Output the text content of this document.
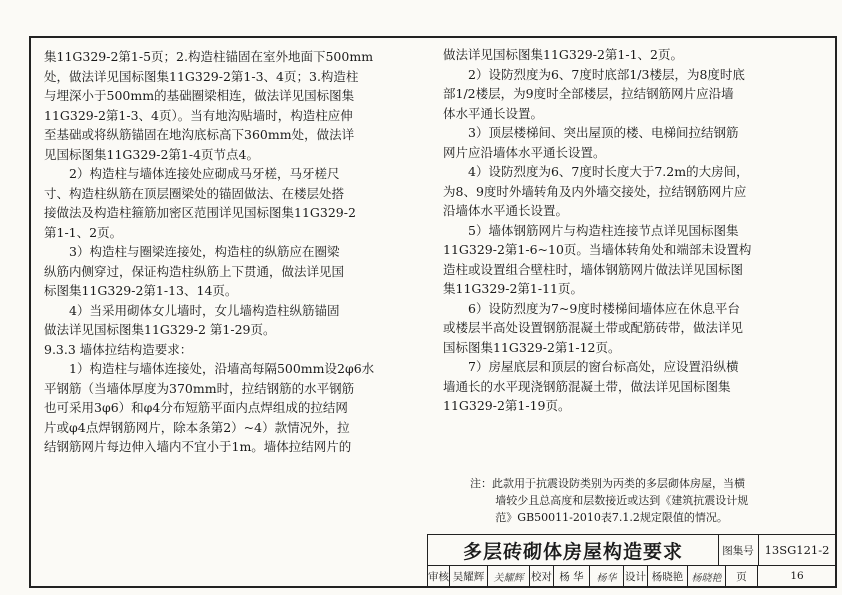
集11G329-2第1-5页；2.构造柱锚固在室外地面下500mm
处，做法详见国标图集11G329-2第1-3、4页；3.构造柱
与埋深小于500mm的基础圈梁相连，做法详见国标图集
11G329-2第1-3、4页）。当有地沟贴墙时，构造柱应伸
至基础或将纵筋锚固在地沟底标高下360mm处，做法详
见国标图集11G329-2第1-4页节点4。
2）构造柱与墙体连接处应砌成马牙槎，马牙槎尺
寸、构造柱纵筋在顶层圈梁处的锚固做法、在楼层处搭
接做法及构造柱箍筋加密区范围详见国标图集11G329-2
第1-1、2页。
3）构造柱与圈梁连接处，构造柱的纵筋应在圈梁
纵筋内侧穿过，保证构造柱纵筋上下贯通，做法详见国
标图集11G329-2第1-13、14页。
4）当采用砌体女儿墙时，女儿墙构造柱纵筋锚固
做法详见国标图集11G329-2 第1-29页。
9.3.3 墙体拉结构造要求：
1）构造柱与墙体连接处，沿墙高每隔500mm设2φ6水
平钢筋（当墙体厚度为370mm时，拉结钢筋的水平钢筋
也可采用3φ6）和φ4分布短筋平面内点焊组成的拉结网
片或φ4点焊钢筋网片，除本条第2）~4）款情况外，拉
结钢筋网片每边伸入墙内不宜小于1m。墙体拉结网片的
做法详见国标图集11G329-2第1-1、2页。
2）设防烈度为6、7度时底部1/3楼层，为8度时底
部1/2楼层，为9度时全部楼层，拉结钢筋网片应沿墙
体水平通长设置。
3）顶层楼梯间、突出屋顶的楼、电梯间拉结钢筋
网片应沿墙体水平通长设置。
4）设防烈度为6、7度时长度大于7.2m的大房间，
为8、9度时外墙转角及内外墙交接处，拉结钢筋网片应
沿墙体水平通长设置。
5）墙体钢筋网片与构造柱连接节点详见国标图集
11G329-2第1-6~10页。当墙体转角处和端部未设置构
造柱或设置组合壁柱时，墙体钢筋网片做法详见国标图
集11G329-2第1-11页。
6）设防烈度为7~9度时楼梯间墙体应在休息平台
或楼层半高处设置钢筋混凝土带或配筋砖带，做法详见
国标图集11G329-2第1-12页。
7）房屋底层和顶层的窗台标高处，应设置沿纵横
墙通长的水平现浇钢筋混凝土带，做法详见国标图集
11G329-2第1-19页。
注：此款用于抗震设防类别为丙类的多层砌体房屋，当横
墙较少且总高度和层数接近或达到《建筑抗震设计规
范》GB50011-2010表7.1.2规定限值的情况。
多层砖砌体房屋构造要求	图集号 13SG121-2
审核 吴耀辉 关耀辉 校对 杨 华	杨华 设计 杨晓艳 杨晓艳	页	16
